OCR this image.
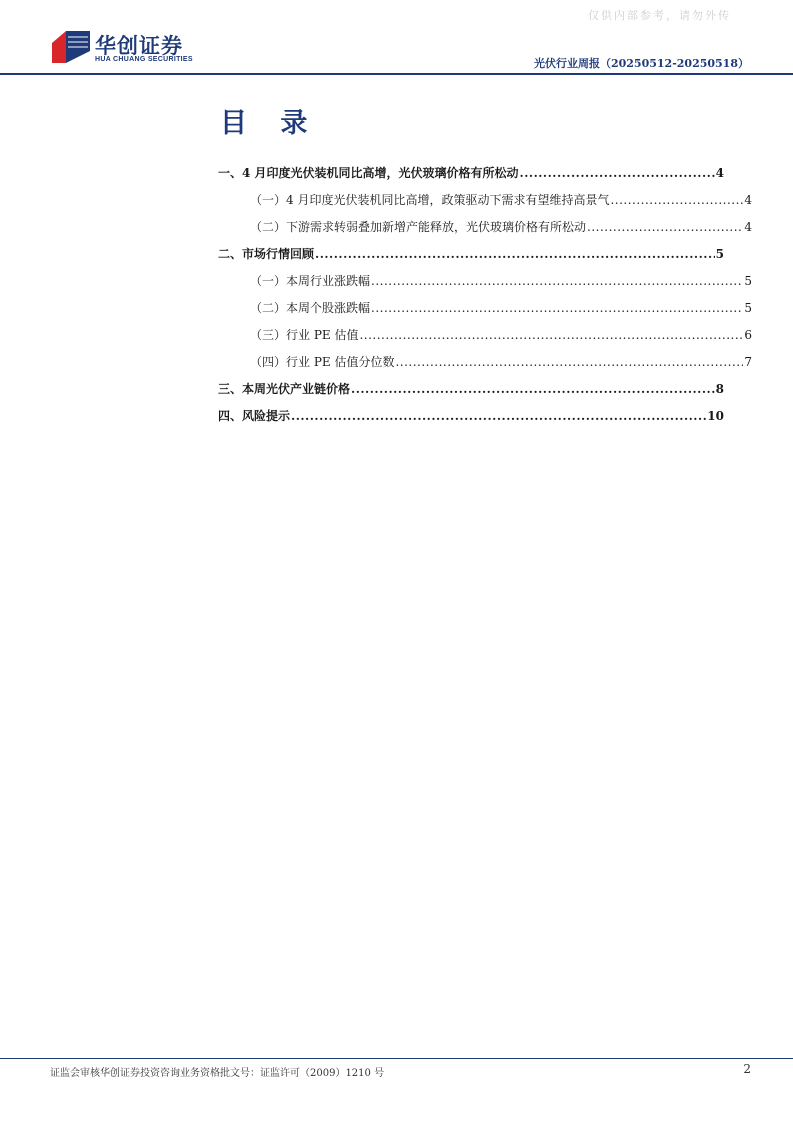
仅供内部参考，请勿外传
华创证券
HUA CHUANG SECURITIES	光伏行业周报（20250512-20250518）
目 录
一、4 月印度光伏装机同比高增，光伏玻璃价格有所松动 .....	4
（一）4 月印度光伏装机同比高增，政策驱动下需求有望维持高景气 .....	4
（二）下游需求转弱叠加新增产能释放，光伏玻璃价格有所松动 .....	4
二、市场行情回顾 .....	5
（一）本周行业涨跌幅 .....	5
（二）本周个股涨跌幅 .....	5
（三）行业 PE 估值 .....	6
（四）行业 PE 估值分位数 .....	7
三、本周光伏产业链价格 .....	8
四、风险提示 .....	10
证监会审核华创证券投资咨询业务资格批文号：证监许可（2009）1210 号	2
